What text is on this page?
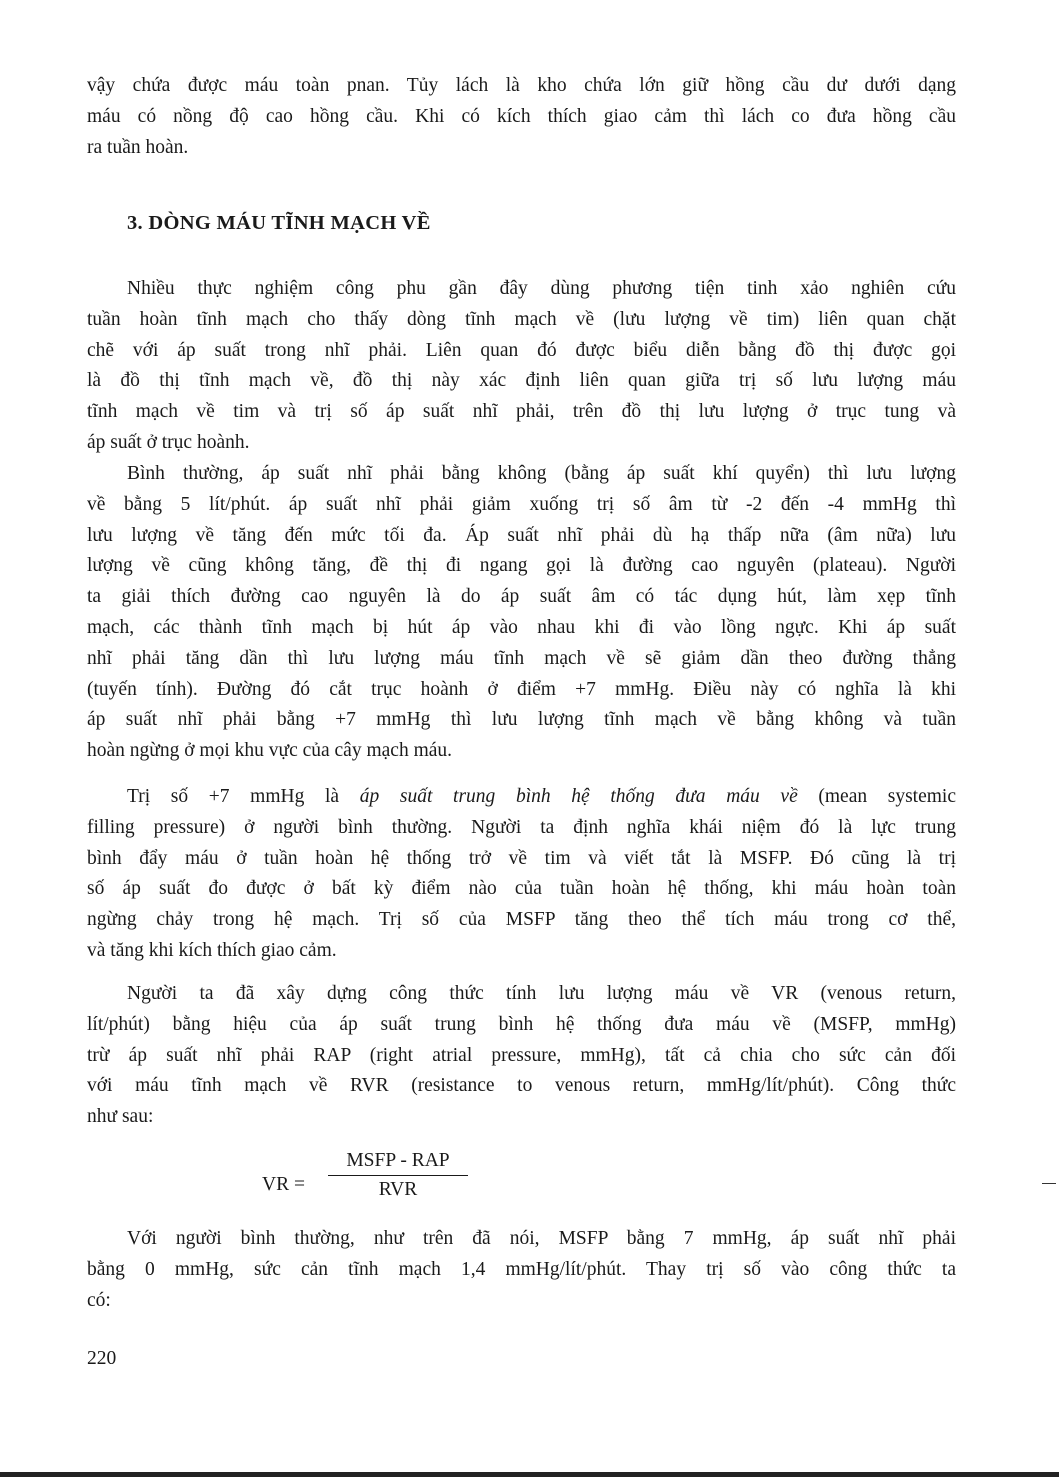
vậy chứa được máu toàn pnan. Tủy lách là kho chứa lớn giữ hồng cầu dư dưới dạng
máu có nồng độ cao hồng cầu. Khi có kích thích giao cảm thì lách co đưa hồng cầu
ra tuần hoàn.
3. DÒNG MÁU TĨNH MẠCH VỀ
Nhiều thực nghiệm công phu gần đây dùng phương tiện tinh xảo nghiên cứu
tuần hoàn tĩnh mạch cho thấy dòng tĩnh mạch về (lưu lượng về tim) liên quan chặt
chẽ với áp suất trong nhĩ phải. Liên quan đó được biểu diễn bằng đồ thị được gọi
là đồ thị tĩnh mạch về, đồ thị này xác định liên quan giữa trị số lưu lượng máu
tĩnh mạch về tim và trị số áp suất nhĩ phải, trên đồ thị lưu lượng ở trục tung và
áp suất ở trục hoành.
Bình thường, áp suất nhĩ phải bằng không (bằng áp suất khí quyển) thì lưu lượng
về bằng 5 lít/phút. áp suất nhĩ phải giảm xuống trị số âm từ -2 đến -4 mmHg thì
lưu lượng về tăng đến mức tối đa. Áp suất nhĩ phải dù hạ thấp nữa (âm nữa) lưu
lượng về cũng không tăng, đề thị đi ngang gọi là đường cao nguyên (plateau). Người
ta giải thích đường cao nguyên là do áp suất âm có tác dụng hút, làm xẹp tĩnh
mạch, các thành tĩnh mạch bị hút áp vào nhau khi đi vào lồng ngực. Khi áp suất
nhĩ phải tăng dần thì lưu lượng máu tĩnh mạch về sẽ giảm dần theo đường thẳng
(tuyến tính). Đường đó cắt trục hoành ở điểm +7 mmHg. Điều này có nghĩa là khi
áp suất nhĩ phải bằng +7 mmHg thì lưu lượng tĩnh mạch về bằng không và tuần
hoàn ngừng ở mọi khu vực của cây mạch máu.
Trị số +7 mmHg là áp suất trung bình hệ thống đưa máu về (mean systemic
filling pressure) ở người bình thường. Người ta định nghĩa khái niệm đó là lực trung
bình đẩy máu ở tuần hoàn hệ thống trở về tim và viết tắt là MSFP. Đó cũng là trị
số áp suất đo được ở bất kỳ điểm nào của tuần hoàn hệ thống, khi máu hoàn toàn
ngừng chảy trong hệ mạch. Trị số của MSFP tăng theo thể tích máu trong cơ thể,
và tăng khi kích thích giao cảm.
Người ta đã xây dựng công thức tính lưu lượng máu về VR (venous return,
lít/phút) bằng hiệu của áp suất trung bình hệ thống đưa máu về (MSFP, mmHg)
trừ áp suất nhĩ phải RAP (right atrial pressure, mmHg), tất cả chia cho sức cản đối
với máu tĩnh mạch về RVR (resistance to venous return, mmHg/lít/phút). Công thức
như sau:
VR =
MSFP - RAP
RVR
Với người bình thường, như trên đã nói, MSFP bằng 7 mmHg, áp suất nhĩ phải
bằng 0 mmHg, sức cản tĩnh mạch 1,4 mmHg/lít/phút. Thay trị số vào công thức ta
có:
220
